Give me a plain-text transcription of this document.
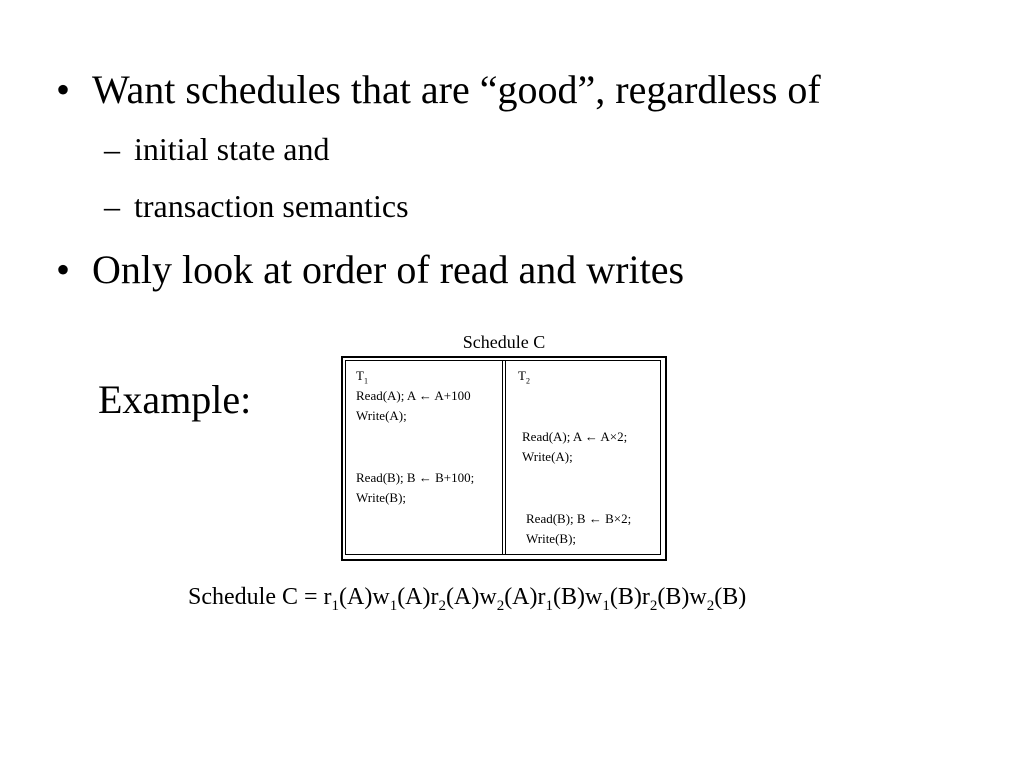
• Want schedules that are “good”, regardless of
– initial state and
– transaction semantics
• Only look at order of read and writes
Example:
Schedule C
$T_1$	$T_2$
Read(A); A ← A+100
Write(A);
Read(A); A ← A×2;
Write(A);
Read(B); B ← B+100;
Write(B);
Read(B); B ← B×2;
Write(B);
Schedule $C = r_1(A)w_1(A)r_2(A)w_2(A)r_1(B)w_1(B)r_2(B)w_2(B)$
